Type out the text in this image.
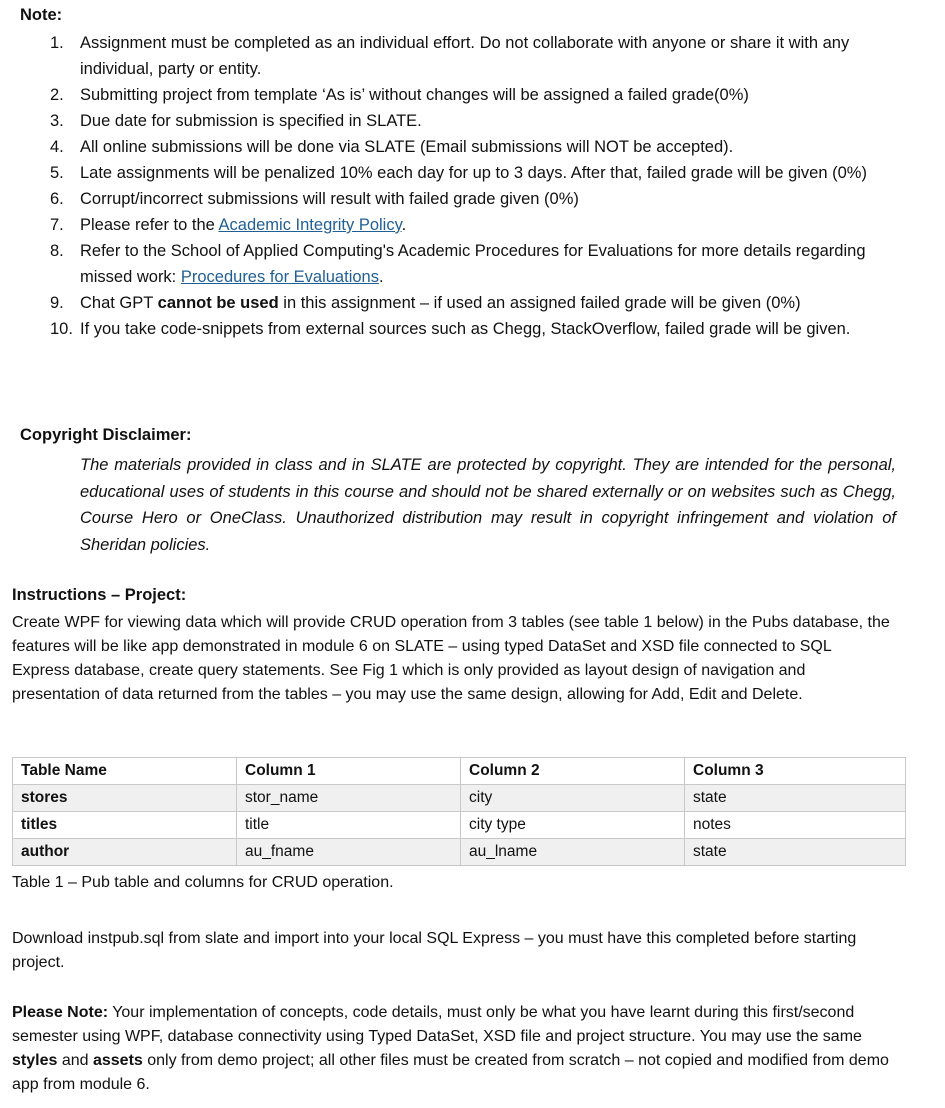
Note:
1. Assignment must be completed as an individual effort. Do not collaborate with anyone or share it with any individual, party or entity.
2. Submitting project from template ‘As is’ without changes will be assigned a failed grade(0%)
3. Due date for submission is specified in SLATE.
4. All online submissions will be done via SLATE (Email submissions will NOT be accepted).
5. Late assignments will be penalized 10% each day for up to 3 days. After that, failed grade will be given (0%)
6. Corrupt/incorrect submissions will result with failed grade given (0%)
7. Please refer to the Academic Integrity Policy.
8. Refer to the School of Applied Computing's Academic Procedures for Evaluations for more details regarding missed work: Procedures for Evaluations.
9. Chat GPT cannot be used in this assignment – if used an assigned failed grade will be given (0%)
10. If you take code-snippets from external sources such as Chegg, StackOverflow, failed grade will be given.
Copyright Disclaimer:
The materials provided in class and in SLATE are protected by copyright. They are intended for the personal, educational uses of students in this course and should not be shared externally or on websites such as Chegg, Course Hero or OneClass. Unauthorized distribution may result in copyright infringement and violation of Sheridan policies.
Instructions – Project:
Create WPF for viewing data which will provide CRUD operation from 3 tables (see table 1 below) in the Pubs database, the features will be like app demonstrated in module 6 on SLATE – using typed DataSet and XSD file connected to SQL Express database, create query statements. See Fig 1 which is only provided as layout design of navigation and presentation of data returned from the tables – you may use the same design, allowing for Add, Edit and Delete.
Table Name	Column 1	Column 2	Column 3
stores	stor_name	city	state
titles	title	city type	notes
author	au_fname	au_lname	state
Table 1 – Pub table and columns for CRUD operation.
Download instpub.sql from slate and import into your local SQL Express – you must have this completed before starting project.
Please Note: Your implementation of concepts, code details, must only be what you have learnt during this first/second semester using WPF, database connectivity using Typed DataSet, XSD file and project structure. You may use the same styles and assets only from demo project; all other files must be created from scratch – not copied and modified from demo app from module 6.
